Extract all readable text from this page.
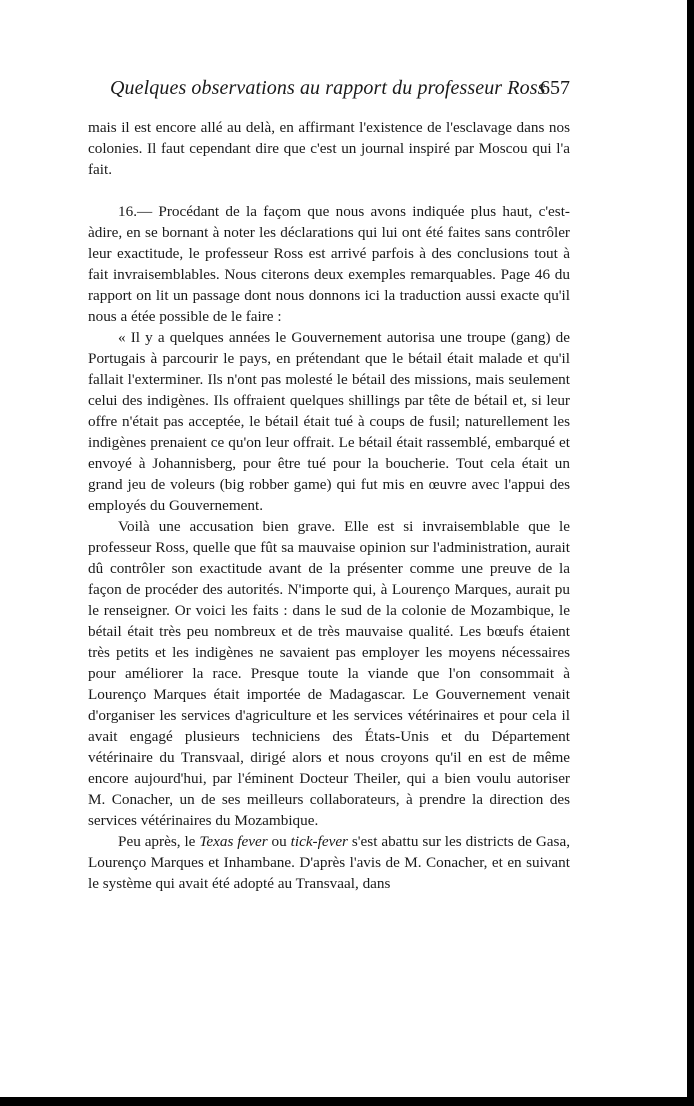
Quelques observations au rapport du professeur Ross
657

mais il est encore allé au delà, en affirmant l'existence de l'esclavage dans nos colonies. Il faut cependant dire que c'est un journal inspiré par Moscou qui l'a fait.

16.— Procédant de la façom que nous avons indiquée plus haut, c'est-àdire, en se bornant à noter les déclarations qui lui ont été faites sans contrôler leur exactitude, le professeur Ross est arrivé parfois à des conclusions tout à fait invraisemblables. Nous citerons deux exemples remarquables. Page 46 du rapport on lit un passage dont nous donnons ici la traduction aussi exacte qu'il nous a étée possible de le faire :

« Il y a quelques années le Gouvernement autorisa une troupe (gang) de Portugais à parcourir le pays, en prétendant que le bétail était malade et qu'il fallait l'exterminer. Ils n'ont pas molesté le bétail des missions, mais seulement celui des indigènes. Ils offraient quelques shillings par tête de bétail et, si leur offre n'était pas acceptée, le bétail était tué à coups de fusil; naturellement les indigènes prenaient ce qu'on leur offrait. Le bétail était rassemblé, embarqué et envoyé à Johannisberg, pour être tué pour la boucherie. Tout cela était un grand jeu de voleurs (big robber game) qui fut mis en œuvre avec l'appui des employés du Gouvernement.

Voilà une accusation bien grave. Elle est si invraisemblable que le professeur Ross, quelle que fût sa mauvaise opinion sur l'administration, aurait dû contrôler son exactitude avant de la présenter comme une preuve de la façon de procéder des autorités. N'importe qui, à Lourenço Marques, aurait pu le renseigner. Or voici les faits : dans le sud de la colonie de Mozambique, le bétail était très peu nombreux et de très mauvaise qualité. Les bœufs étaient très petits et les indigènes ne savaient pas employer les moyens nécessaires pour améliorer la race. Presque toute la viande que l'on consommait à Lourenço Marques était importée de Madagascar. Le Gouvernement venait d'organiser les services d'agriculture et les services vétérinaires et pour cela il avait engagé plusieurs techniciens des États-Unis et du Département vétérinaire du Transvaal, dirigé alors et nous croyons qu'il en est de même encore aujourd'hui, par l'éminent Docteur Theiler, qui a bien voulu autoriser M. Conacher, un de ses meilleurs collaborateurs, à prendre la direction des services vétérinaires du Mozambique.

Peu après, le Texas fever ou tick-fever s'est abattu sur les districts de Gasa, Lourenço Marques et Inhambane. D'après l'avis de M. Conacher, et en suivant le système qui avait été adopté au Transvaal, dans
